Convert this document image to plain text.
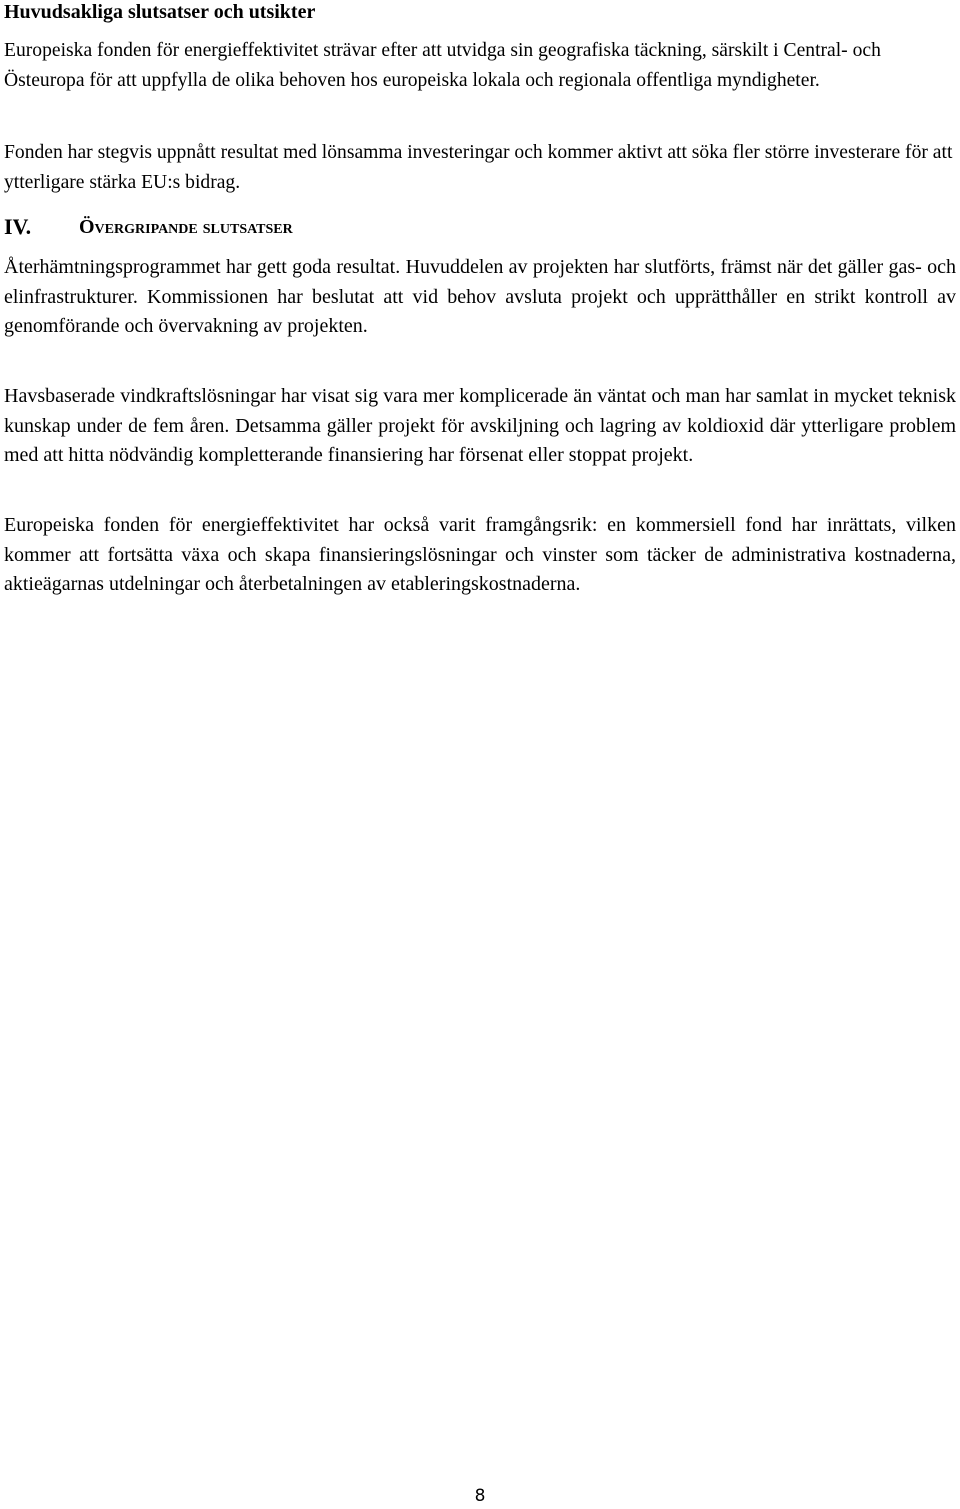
Huvudsakliga slutsatser och utsikter

Europeiska fonden för energieffektivitet strävar efter att utvidga sin geografiska täckning, särskilt i Central- och Östeuropa för att uppfylla de olika behoven hos europeiska lokala och regionala offentliga myndigheter.

Fonden har stegvis uppnått resultat med lönsamma investeringar och kommer aktivt att söka fler större investerare för att ytterligare stärka EU:s bidrag.

IV. Övergripande slutsatser

Återhämtningsprogrammet har gett goda resultat. Huvuddelen av projekten har slutförts, främst när det gäller gas- och elinfrastrukturer. Kommissionen har beslutat att vid behov avsluta projekt och upprätthåller en strikt kontroll av genomförande och övervakning av projekten.

Havsbaserade vindkraftslösningar har visat sig vara mer komplicerade än väntat och man har samlat in mycket teknisk kunskap under de fem åren. Detsamma gäller projekt för avskiljning och lagring av koldioxid där ytterligare problem med att hitta nödvändig kompletterande finansiering har försenat eller stoppat projekt.

Europeiska fonden för energieffektivitet har också varit framgångsrik: en kommersiell fond har inrättats, vilken kommer att fortsätta växa och skapa finansieringslösningar och vinster som täcker de administrativa kostnaderna, aktieägarnas utdelningar och återbetalningen av etableringskostnaderna.

8
